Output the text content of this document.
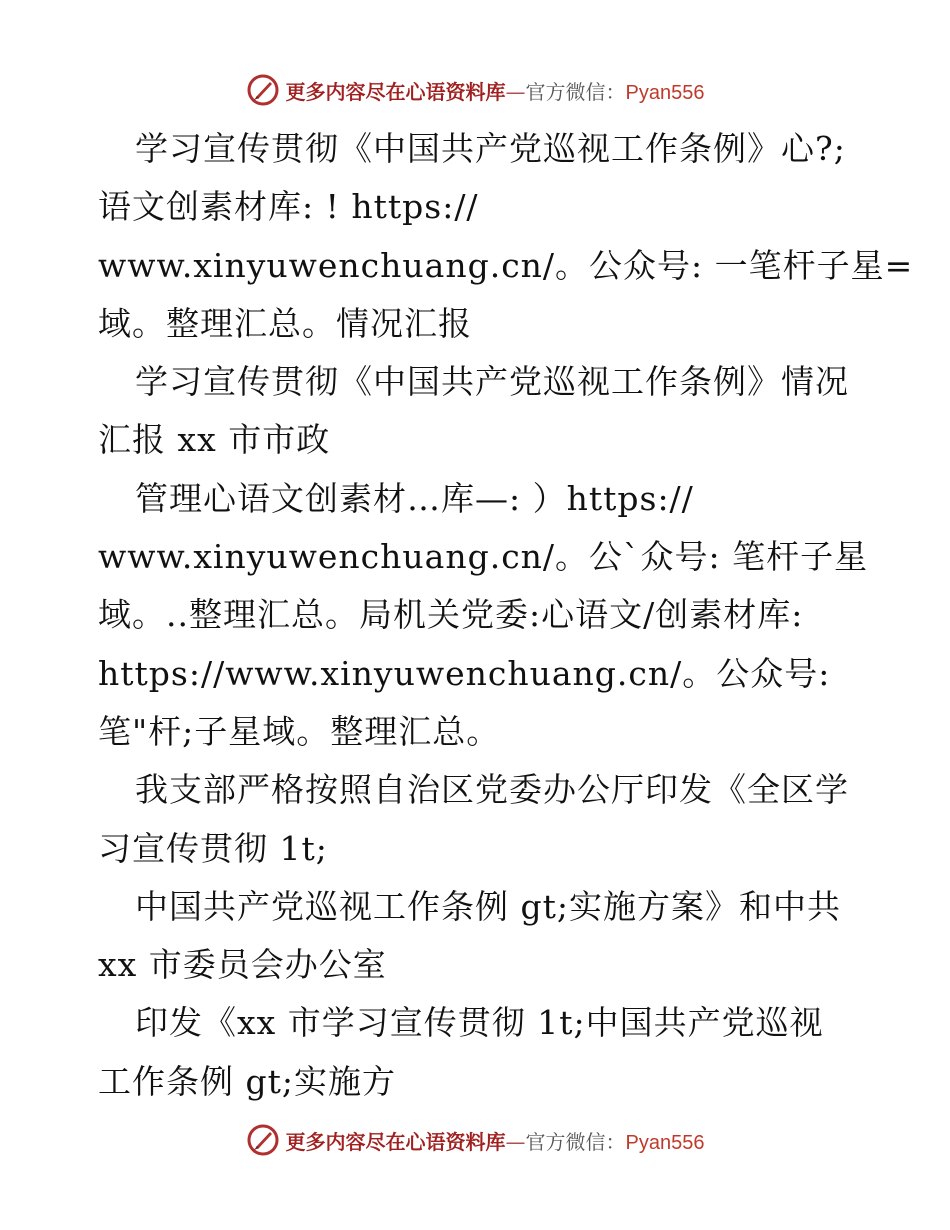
更多内容尽在心语资料库—官方微信：Pyan556
学习宣传贯彻《中国共产党巡视工作条例》心?;
语文创素材库: ! https://
www.xinyuwenchuang.cn/。公众号: 一笔杆子星=
域。整理汇总。情况汇报
学习宣传贯彻《中国共产党巡视工作条例》情况
汇报 xx 市市政
管理心语文创素材…库—: ）https://
www.xinyuwenchuang.cn/。公`众号: 笔杆子星
域。..整理汇总。局机关党委:心语文/创素材库:
https://www.xinyuwenchuang.cn/。公众号:
笔"杆;子星域。整理汇总。
我支部严格按照自治区党委办公厅印发《全区学
习宣传贯彻 1t;
中国共产党巡视工作条例 gt;实施方案》和中共
xx 市委员会办公室
印发《xx 市学习宣传贯彻 1t;中国共产党巡视
工作条例 gt;实施方
更多内容尽在心语资料库—官方微信：Pyan556
